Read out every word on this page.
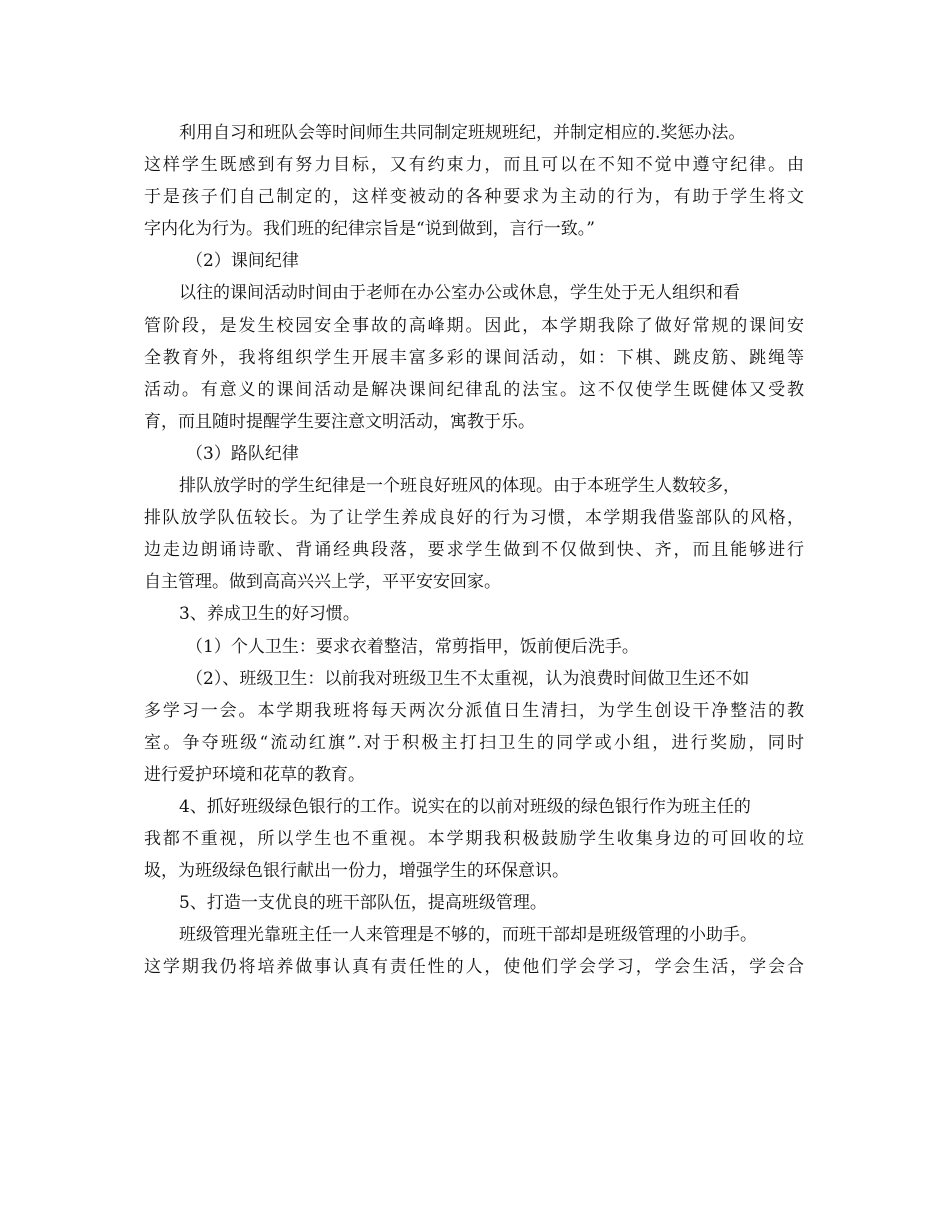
利用自习和班队会等时间师生共同制定班规班纪，并制定相应的.奖惩办法。
这样学生既感到有努力目标，又有约束力，而且可以在不知不觉中遵守纪律。由
于是孩子们自己制定的，这样变被动的各种要求为主动的行为，有助于学生将文
字内化为行为。我们班的纪律宗旨是“说到做到，言行一致。”
（2）课间纪律
以往的课间活动时间由于老师在办公室办公或休息，学生处于无人组织和看
管阶段，是发生校园安全事故的高峰期。因此，本学期我除了做好常规的课间安
全教育外，我将组织学生开展丰富多彩的课间活动，如：下棋、跳皮筋、跳绳等
活动。有意义的课间活动是解决课间纪律乱的法宝。这不仅使学生既健体又受教
育，而且随时提醒学生要注意文明活动，寓教于乐。
（3）路队纪律
排队放学时的学生纪律是一个班良好班风的体现。由于本班学生人数较多，
排队放学队伍较长。为了让学生养成良好的行为习惯，本学期我借鉴部队的风格，
边走边朗诵诗歌、背诵经典段落，要求学生做到不仅做到快、齐，而且能够进行
自主管理。做到高高兴兴上学，平平安安回家。
3、养成卫生的好习惯。
（1）个人卫生：要求衣着整洁，常剪指甲，饭前便后洗手。
（2）、班级卫生：以前我对班级卫生不太重视，认为浪费时间做卫生还不如
多学习一会。本学期我班将每天两次分派值日生清扫，为学生创设干净整洁的教
室。争夺班级“流动红旗”.对于积极主打扫卫生的同学或小组，进行奖励，同时
进行爱护环境和花草的教育。
4、抓好班级绿色银行的工作。说实在的以前对班级的绿色银行作为班主任的
我都不重视，所以学生也不重视。本学期我积极鼓励学生收集身边的可回收的垃
圾，为班级绿色银行献出一份力，增强学生的环保意识。
5、打造一支优良的班干部队伍，提高班级管理。
班级管理光靠班主任一人来管理是不够的，而班干部却是班级管理的小助手。
这学期我仍将培养做事认真有责任性的人，使他们学会学习，学会生活，学会合
